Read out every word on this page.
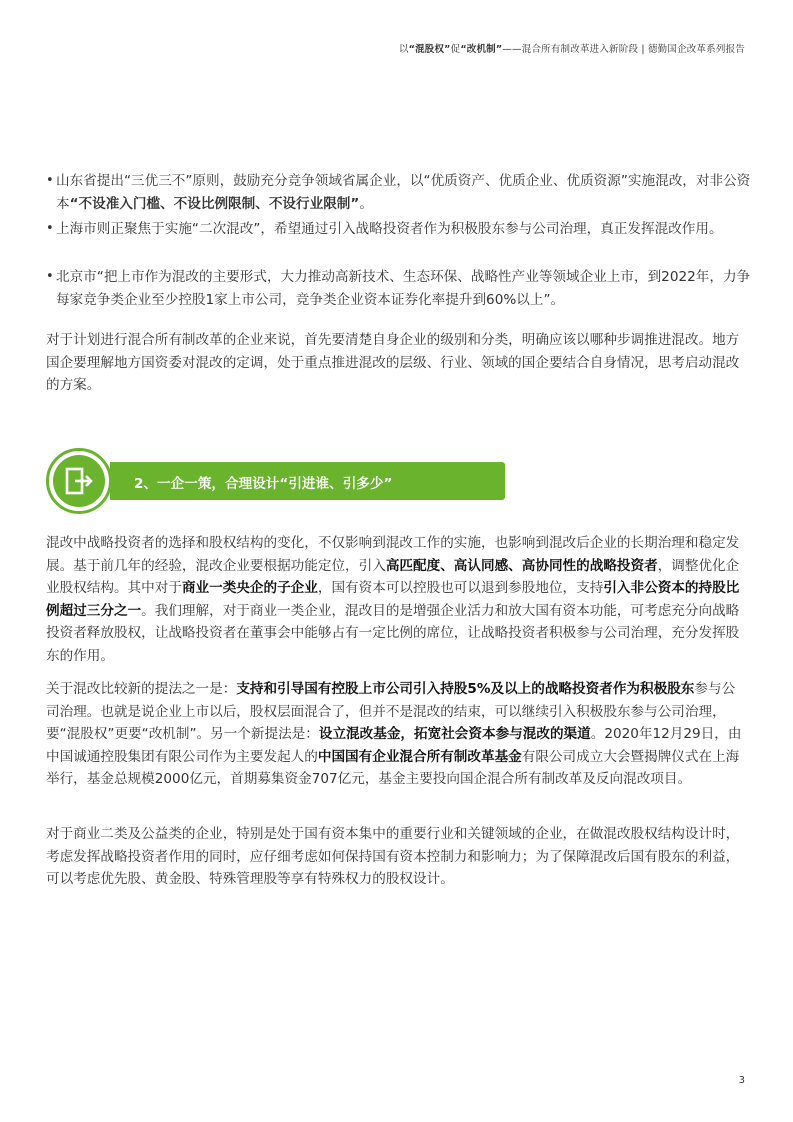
以“混股权”促“改机制”——混合所有制改革进入新阶段 | 德勤国企改革系列报告
• 山东省提出“三优三不”原则，鼓励充分竞争领域省属企业，以“优质资产、优质企业、优质资源”实施混改，对非公资本“不设准入门槛、不设比例限制、不设行业限制”。
• 上海市则正聚焦于实施“二次混改”，希望通过引入战略投资者作为积极股东参与公司治理，真正发挥混改作用。
• 北京市“把上市作为混改的主要形式，大力推动高新技术、生态环保、战略性产业等领域企业上市，到2022年，力争每家竞争类企业至少控股1家上市公司，竞争类企业资本证券化率提升到60%以上”。
对于计划进行混合所有制改革的企业来说，首先要清楚自身企业的级别和分类，明确应该以哪种步调推进混改。地方国企要理解地方国资委对混改的定调，处于重点推进混改的层级、行业、领域的国企要结合自身情况，思考启动混改的方案。
2、一企一策，合理设计“引进谁、引多少”
混改中战略投资者的选择和股权结构的变化，不仅影响到混改工作的实施，也影响到混改后企业的长期治理和稳定发展。基于前几年的经验，混改企业要根据功能定位，引入高匹配度、高认同感、高协同性的战略投资者，调整优化企业股权结构。其中对于商业一类央企的子企业，国有资本可以控股也可以退到参股地位，支持引入非公资本的持股比例超过三分之一。我们理解，对于商业一类企业，混改目的是增强企业活力和放大国有资本功能，可考虑充分向战略投资者释放股权，让战略投资者在董事会中能够占有一定比例的席位，让战略投资者积极参与公司治理，充分发挥股东的作用。
关于混改比较新的提法之一是：支持和引导国有控股上市公司引入持股5%及以上的战略投资者作为积极股东参与公司治理。也就是说企业上市以后，股权层面混合了，但并不是混改的结束，可以继续引入积极股东参与公司治理，要“混股权”更要“改机制”。另一个新提法是：设立混改基金，拓宽社会资本参与混改的渠道。2020年12月29日，由中国诚通控股集团有限公司作为主要发起人的中国国有企业混合所有制改革基金有限公司成立大会暨揭牌仪式在上海举行，基金总规模2000亿元，首期募集资金707亿元，基金主要投向国企混合所有制改革及反向混改项目。
对于商业二类及公益类的企业，特别是处于国有资本集中的重要行业和关键领域的企业，在做混改股权结构设计时，考虑发挥战略投资者作用的同时，应仔细考虑如何保持国有资本控制力和影响力；为了保障混改后国有股东的利益，可以考虑优先股、黄金股、特殊管理股等享有特殊权力的股权设计。
3
